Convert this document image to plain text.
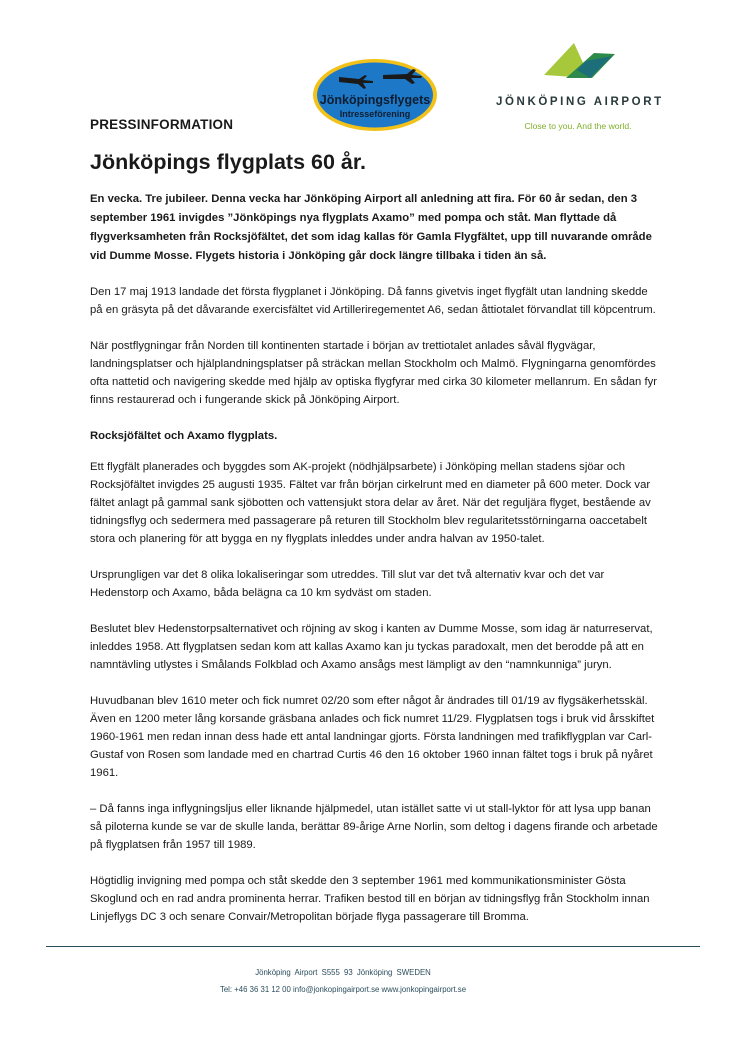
Jönköpingsflygets
Intresseförening
JÖNKÖPING AIRPORT
Close to you. And the world.
PRESSINFORMATION
Jönköpings flygplats 60 år.

En vecka. Tre jubileer. Denna vecka har Jönköping Airport all anledning att fira. För 60 år sedan, den 3 september 1961 invigdes ”Jönköpings nya flygplats Axamo” med pompa och ståt. Man flyttade då flygverksamheten från Rocksjöfältet, det som idag kallas för Gamla Flygfältet, upp till nuvarande område vid Dumme Mosse. Flygets historia i Jönköping går dock längre tillbaka i tiden än så.

Den 17 maj 1913 landade det första flygplanet i Jönköping. Då fanns givetvis inget flygfält utan landning skedde på en gräsyta på det dåvarande exercisfältet vid Artilleriregementet A6, sedan åttiotalet förvandlat till köpcentrum.

När postflygningar från Norden till kontinenten startade i början av trettiotalet anlades såväl flygvägar, landningsplatser och hjälplandningsplatser på sträckan mellan Stockholm och Malmö. Flygningarna genomfördes ofta nattetid och navigering skedde med hjälp av optiska flygfyrar med cirka 30 kilometer mellanrum. En sådan fyr finns restaurerad och i fungerande skick på Jönköping Airport.

Rocksjöfältet och Axamo flygplats.

Ett flygfält planerades och byggdes som AK-projekt (nödhjälpsarbete) i Jönköping mellan stadens sjöar och Rocksjöfältet invigdes 25 augusti 1935. Fältet var från början cirkelrunt med en diameter på 600 meter. Dock var fältet anlagt på gammal sank sjöbotten och vattensjukt stora delar av året. När det reguljära flyget, bestående av tidningsflyg och sedermera med passagerare på returen till Stockholm blev regularitetsstörningarna oaccetabelt stora och planering för att bygga en ny flygplats inleddes under andra halvan av 1950-talet.

Ursprungligen var det 8 olika lokaliseringar som utreddes. Till slut var det två alternativ kvar och det var Hedenstorp och Axamo, båda belägna ca 10 km sydväst om staden.

Beslutet blev Hedenstorpsalternativet och röjning av skog i kanten av Dumme Mosse, som idag är naturreservat, inleddes 1958. Att flygplatsen sedan kom att kallas Axamo kan ju tyckas paradoxalt, men det berodde på att en namntävling utlystes i Smålands Folkblad och Axamo ansågs mest lämpligt av den “namnkunniga” juryn.

Huvudbanan blev 1610 meter och fick numret 02/20 som efter något år ändrades till 01/19 av flygsäkerhetsskäl. Även en 1200 meter lång korsande gräsbana anlades och fick numret 11/29. Flygplatsen togs i bruk vid årsskiftet 1960-1961 men redan innan dess hade ett antal landningar gjorts. Första landningen med trafikflygplan var Carl-Gustaf von Rosen som landade med en chartrad Curtis 46 den 16 oktober 1960 innan fältet togs i bruk på nyåret 1961.

– Då fanns inga inflygningsljus eller liknande hjälpmedel, utan istället satte vi ut stall-lyktor för att lysa upp banan så piloterna kunde se var de skulle landa, berättar 89-årige Arne Norlin, som deltog i dagens firande och arbetade på flygplatsen från 1957 till 1989.

Högtidlig invigning med pompa och ståt skedde den 3 september 1961 med kommunikationsminister Gösta Skoglund och en rad andra prominenta herrar. Trafiken bestod till en början av tidningsflyg från Stockholm innan Linjeflygs DC 3 och senare Convair/Metropolitan började flyga passagerare till Bromma.

Jönköping Airport S555 93 Jönköping SWEDEN
Tel: +46 36 31 12 00 info@jonkopingairport.se www.jonkopingairport.se
